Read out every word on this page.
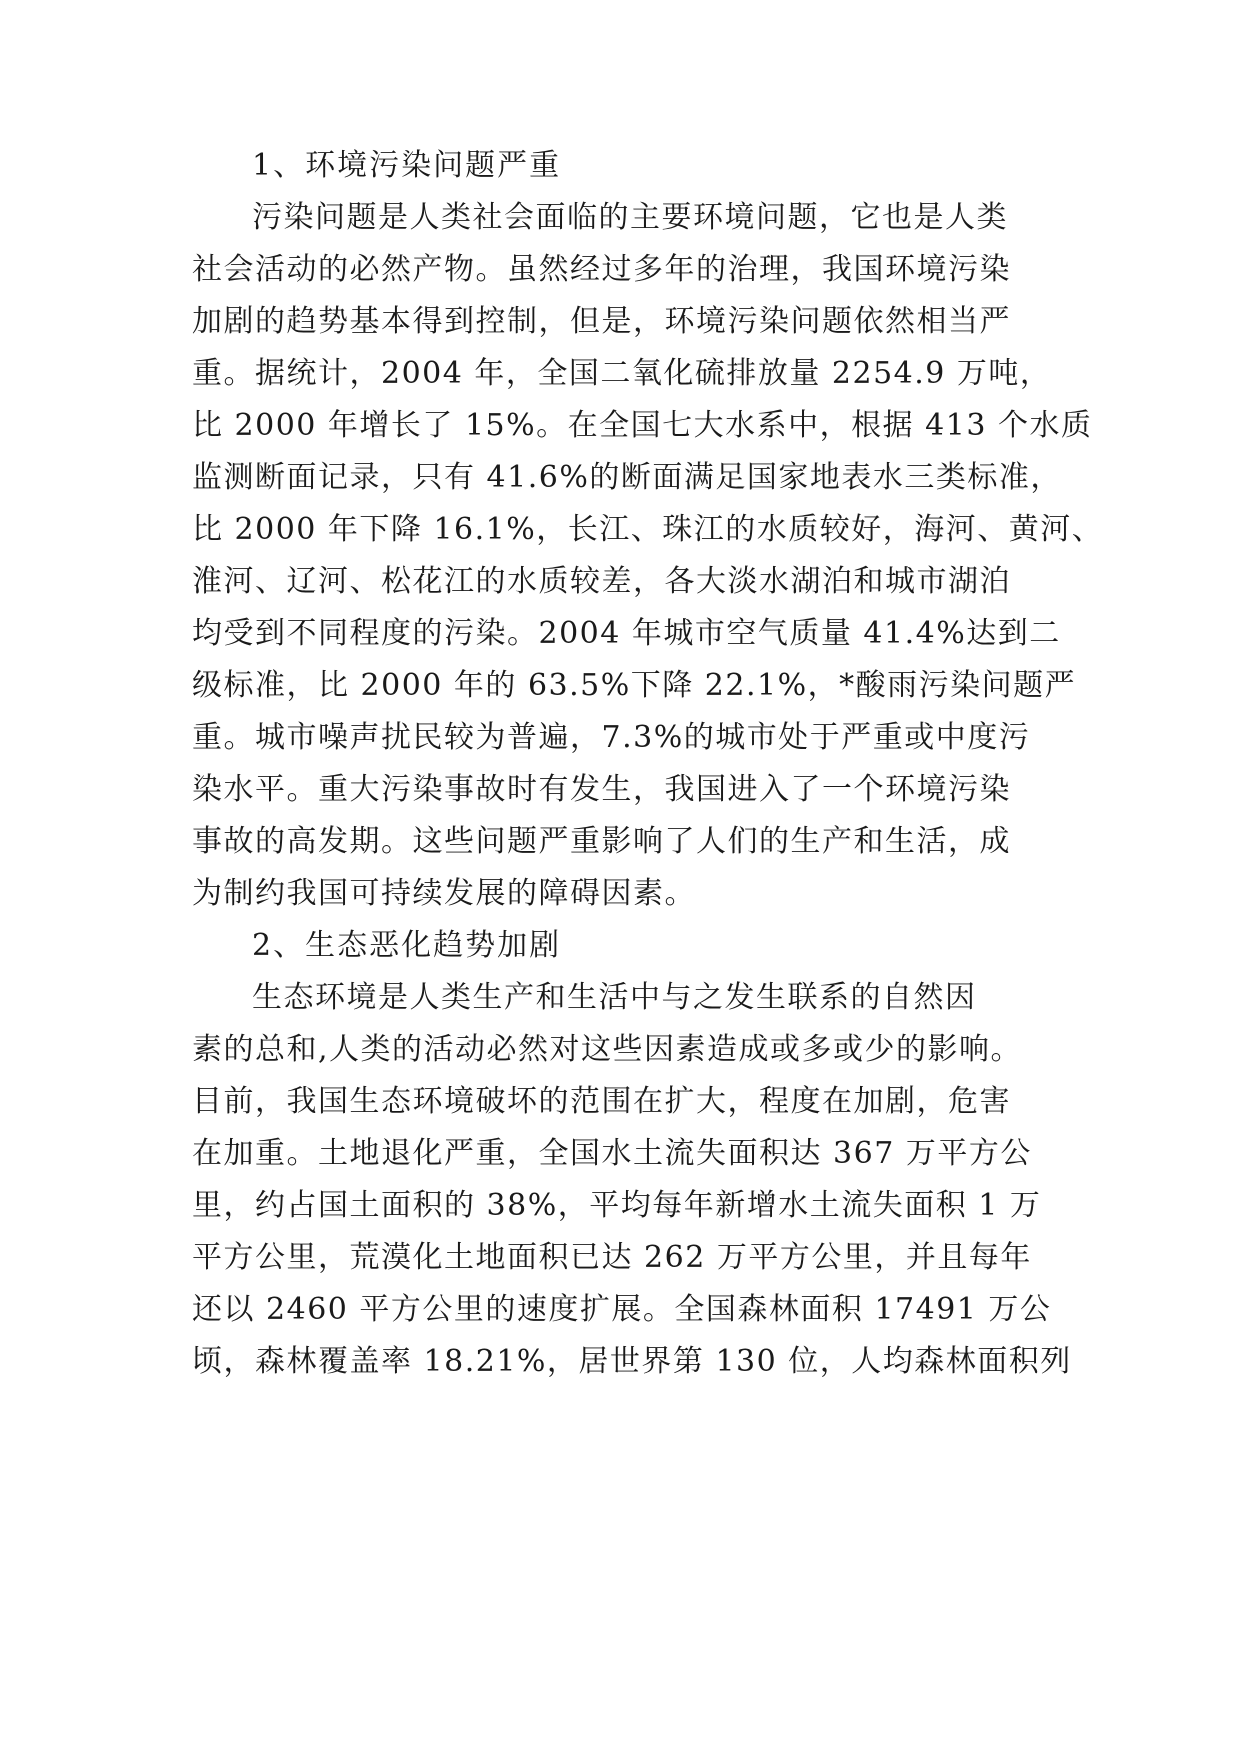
1、环境污染问题严重
污染问题是人类社会面临的主要环境问题，它也是人类
社会活动的必然产物。虽然经过多年的治理，我国环境污染
加剧的趋势基本得到控制，但是，环境污染问题依然相当严
重。据统计，2004 年，全国二氧化硫排放量 2254.9 万吨，
比 2000 年增长了 15%。在全国七大水系中，根据 413 个水质
监测断面记录，只有 41.6%的断面满足国家地表水三类标准，
比 2000 年下降 16.1%，长江、珠江的水质较好，海河、黄河、
淮河、辽河、松花江的水质较差，各大淡水湖泊和城市湖泊
均受到不同程度的污染。2004 年城市空气质量 41.4%达到二
级标准，比 2000 年的 63.5%下降 22.1%，*酸雨污染问题严
重。城市噪声扰民较为普遍，7.3%的城市处于严重或中度污
染水平。重大污染事故时有发生，我国进入了一个环境污染
事故的高发期。这些问题严重影响了人们的生产和生活，成
为制约我国可持续发展的障碍因素。
2、生态恶化趋势加剧
生态环境是人类生产和生活中与之发生联系的自然因
素的总和,人类的活动必然对这些因素造成或多或少的影响。
目前，我国生态环境破坏的范围在扩大，程度在加剧，危害
在加重。土地退化严重，全国水土流失面积达 367 万平方公
里，约占国土面积的 38%，平均每年新增水土流失面积 1 万
平方公里，荒漠化土地面积已达 262 万平方公里，并且每年
还以 2460 平方公里的速度扩展。全国森林面积 17491 万公
顷，森林覆盖率 18.21%，居世界第 130 位，人均森林面积列
